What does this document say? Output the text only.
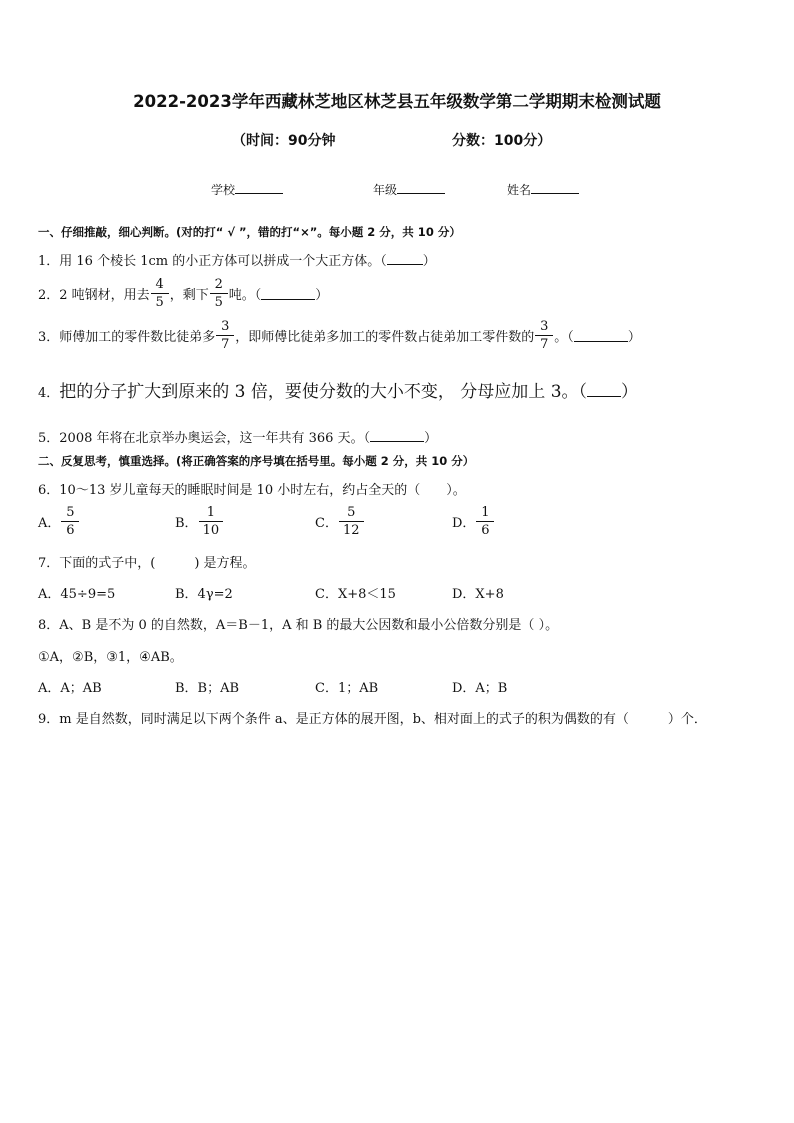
2022-2023学年西藏林芝地区林芝县五年级数学第二学期期末检测试题
（时间：90分钟	分数：100分）
学校	年级	姓名
一、仔细推敲，细心判断。(对的打“ √ ”，错的打“×”。每小题 2 分，共 10 分）
1．用 16 个棱长 1cm 的小正方体可以拼成一个大正方体。（	）
2．2 吨钢材，用去 $\frac{4}{5}$ ，剩下 $\frac{2}{5}$ 吨。（	）
3．师傅加工的零件数比徒弟多 $\frac{3}{7}$ ，即师傅比徒弟多加工的零件数占徒弟加工零件数的 $\frac{3}{7}$ 。（	）
4．把的分子扩大到原来的 3 倍，要使分数的大小不变， 分母应加上 3。（ ）
5．2008 年将在北京举办奥运会，这一年共有 366 天。（	）
二、反复思考，慎重选择。(将正确答案的序号填在括号里。每小题 2 分，共 10 分）
6．10～13 岁儿童每天的睡眠时间是 10 小时左右，约占全天的（　　）。
A． $\frac{5}{6}$	B． $\frac{1}{10}$	C． $\frac{5}{12}$	D． $\frac{1}{6}$
7．下面的式子中，(　　　) 是方程。
A．45÷9=5	B．4γ=2	C．X+8＜15	D．X+8
8．A、B 是不为 0 的自然数，A＝B－1，A 和 B 的最大公因数和最小公倍数分别是（ ）。
①A，②B，③1，④AB。
A．A；AB	B．B；AB	C．1；AB	D．A；B
9．m 是自然数，同时满足以下两个条件 a、是正方体的展开图，b、相对面上的式子的积为偶数的有（　　　）个．
